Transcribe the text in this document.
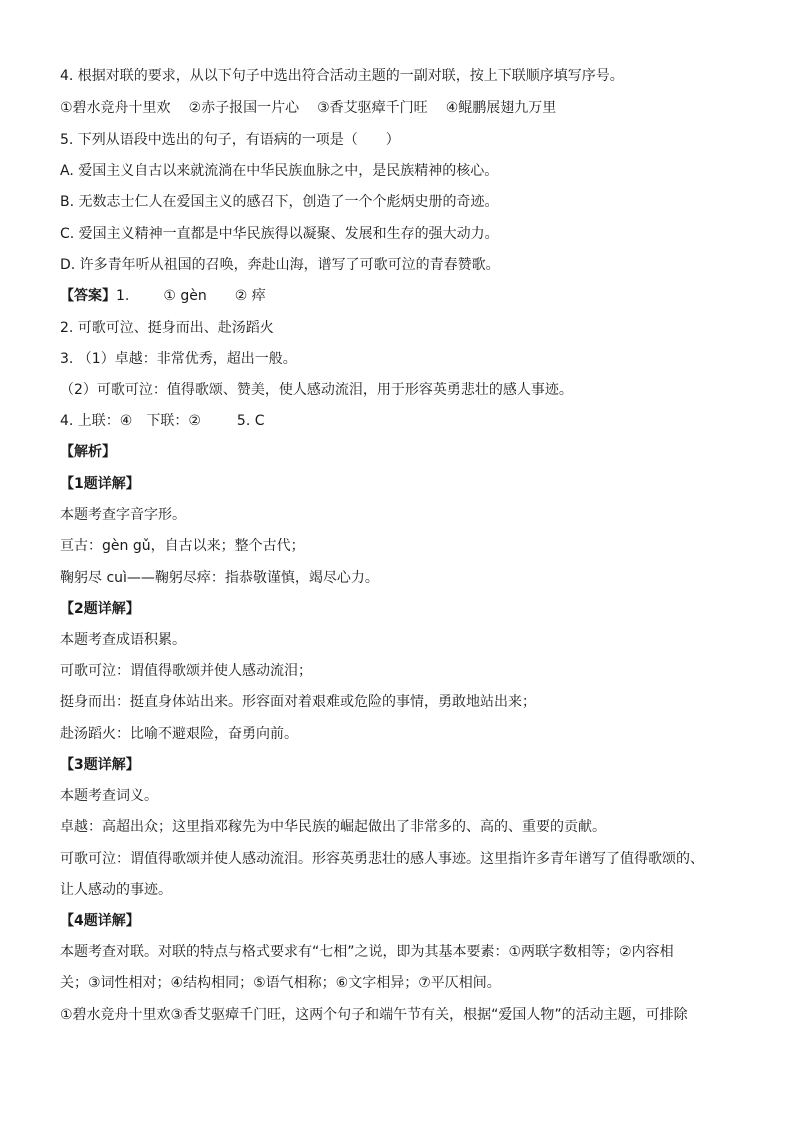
4. 根据对联的要求，从以下句子中选出符合活动主题的一副对联，按上下联顺序填写序号。
①碧水竞舟十里欢 ②赤子报国一片心 ③香艾驱瘴千门旺 ④鲲鹏展翅九万里
5. 下列从语段中选出的句子，有语病的一项是（　　）
A. 爱国主义自古以来就流淌在中华民族血脉之中，是民族精神的核心。
B. 无数志士仁人在爱国主义的感召下，创造了一个个彪炳史册的奇迹。
C. 爱国主义精神一直都是中华民族得以凝聚、发展和生存的强大动力。
D. 许多青年听从祖国的召唤，奔赴山海，谱写了可歌可泣的青春赞歌。
【答案】1. ① gèn ② 瘁
2. 可歌可泣、挺身而出、赴汤蹈火
3. （1）卓越：非常优秀，超出一般。
（2）可歌可泣：值得歌颂、赞美，使人感动流泪，用于形容英勇悲壮的感人事迹。
4. 上联：④　下联：②	5. C
【解析】
【1题详解】
本题考查字音字形。
亘古：gèn gǔ，自古以来；整个古代；
鞠躬尽 cuì——鞠躬尽瘁：指恭敬谨慎，竭尽心力。
【2题详解】
本题考查成语积累。
可歌可泣：谓值得歌颂并使人感动流泪；
挺身而出：挺直身体站出来。形容面对着艰难或危险的事情，勇敢地站出来；
赴汤蹈火：比喻不避艰险，奋勇向前。
【3题详解】
本题考查词义。
卓越：高超出众；这里指邓稼先为中华民族的崛起做出了非常多的、高的、重要的贡献。
可歌可泣：谓值得歌颂并使人感动流泪。形容英勇悲壮的感人事迹。这里指许多青年谱写了值得歌颂的、
让人感动的事迹。
【4题详解】
本题考查对联。对联的特点与格式要求有“七相”之说，即为其基本要素：①两联字数相等；②内容相
关；③词性相对；④结构相同；⑤语气相称；⑥文字相异；⑦平仄相间。
①碧水竞舟十里欢③香艾驱瘴千门旺，这两个句子和端午节有关，根据“爱国人物”的活动主题，可排除
